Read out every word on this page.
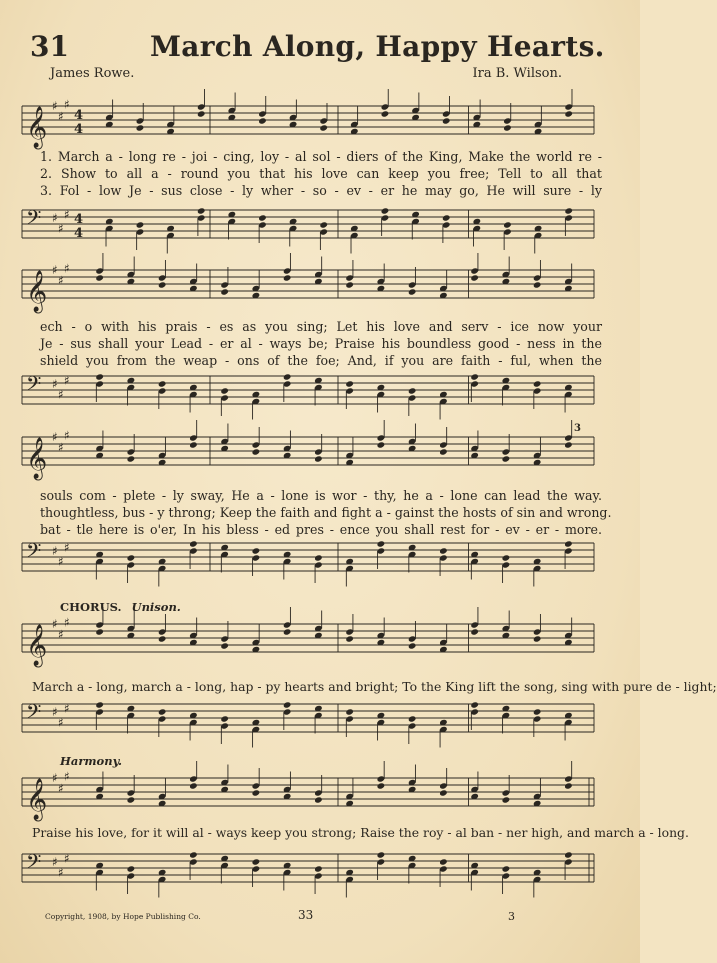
31	March Along, Happy Hearts.
James Rowe.	Ira B. Wilson.
𝄞
♯
♯
♯
4
4
1. March a - long re - joi - cing, loy - al sol - diers of the King, Make the world re -
2. Show to all a - round you that his love can keep you free; Tell to all that
3. Fol - low Je - sus close - ly wher - so - ev - er he may go, He will sure - ly
𝄢 ♯
♯
♯ 4
4
𝄞
♯
♯
♯
ech - o with his prais - es as you sing; Let his love and serv - ice now your
Je - sus shall your Lead - er al - ways be; Praise his boundless good - ness in the
shield you from the weap - ons of the foe; And, if you are faith - ful, when the
𝄢 ♯
♯
♯
𝄞
♯
♯
♯	3
souls com - plete - ly sway, He a - lone is wor - thy, he a - lone can lead the way.
thoughtless, bus - y throng; Keep the faith and fight a - gainst the hosts of sin and wrong.
bat - tle here is o'er, In his bless - ed pres - ence you shall rest for - ev - er - more.
𝄢 ♯
♯
♯
CHORUS. Unison.
𝄞
♯
♯
♯
March a - long, march a - long, hap - py hearts and bright; To the King lift the song, sing with pure de - light;
𝄢 ♯
♯
♯
Harmony.
𝄞
♯
♯
♯
Praise his love, for it will al - ways keep you strong; Raise the roy - al ban - ner high, and march a - long.
𝄢 ♯
♯
♯
Copyright, 1908, by Hope Publishing Co.	33	3
